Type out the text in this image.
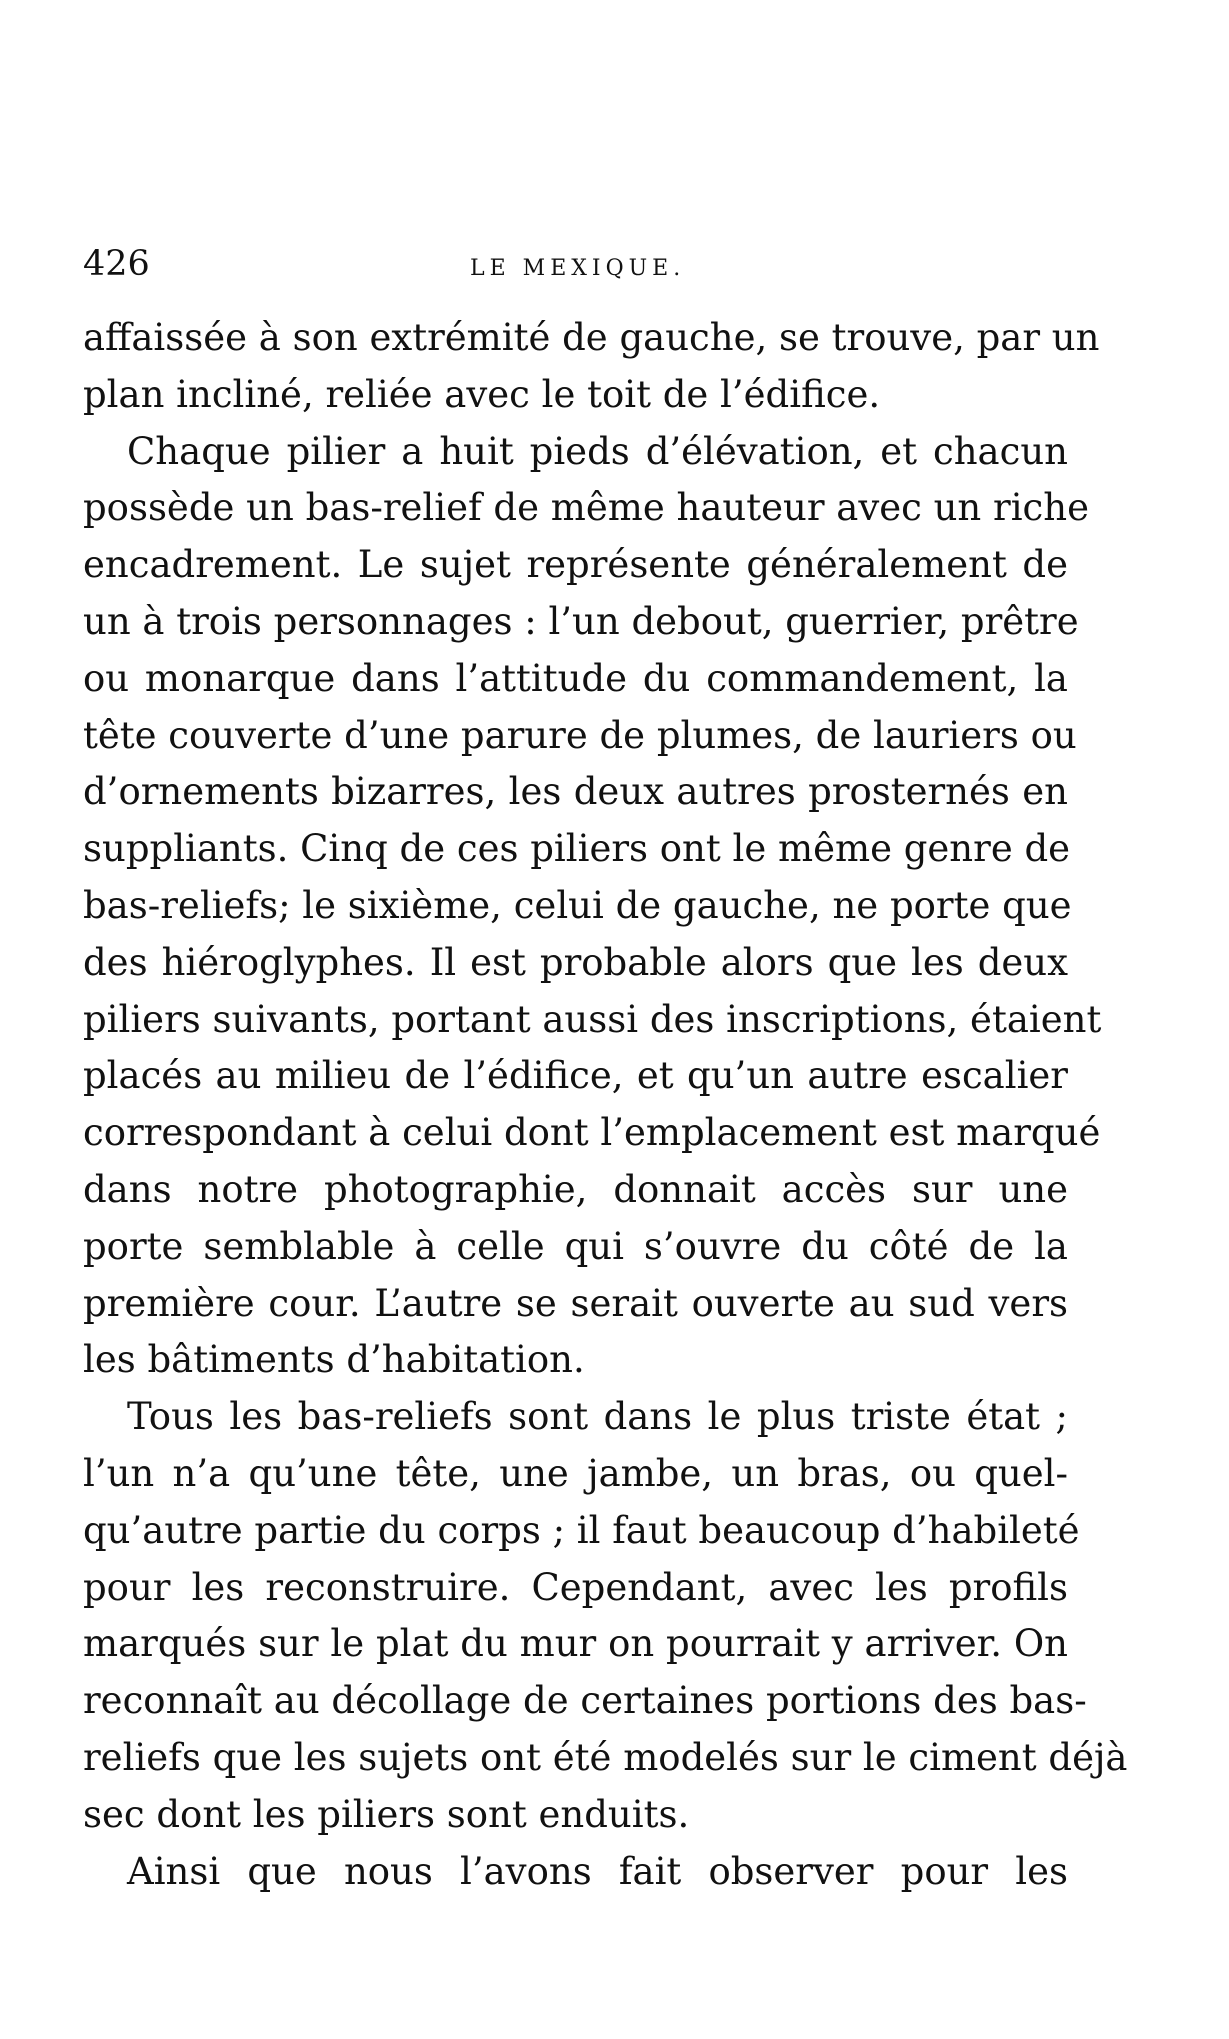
426	LE MEXIQUE.

affaissée à son extrémité de gauche, se trouve, par un
plan incliné, reliée avec le toit de l’édifice.

Chaque pilier a huit pieds d’élévation, et chacun
possède un bas-relief de même hauteur avec un riche
encadrement. Le sujet représente généralement de
un à trois personnages : l’un debout, guerrier, prêtre
ou monarque dans l’attitude du commandement, la
tête couverte d’une parure de plumes, de lauriers ou
d’ornements bizarres, les deux autres prosternés en
suppliants. Cinq de ces piliers ont le même genre de
bas-reliefs; le sixième, celui de gauche, ne porte que
des hiéroglyphes. Il est probable alors que les deux
piliers suivants, portant aussi des inscriptions, étaient
placés au milieu de l’édifice, et qu’un autre escalier
correspondant à celui dont l’emplacement est marqué
dans notre photographie, donnait accès sur une
porte semblable à celle qui s’ouvre du côté de la
première cour. L’autre se serait ouverte au sud vers
les bâtiments d’habitation.

Tous les bas-reliefs sont dans le plus triste état ;
l’un n’a qu’une tête, une jambe, un bras, ou quel-
qu’autre partie du corps ; il faut beaucoup d’habileté
pour les reconstruire. Cependant, avec les profils
marqués sur le plat du mur on pourrait y arriver. On
reconnaît au décollage de certaines portions des bas-
reliefs que les sujets ont été modelés sur le ciment déjà
sec dont les piliers sont enduits.

Ainsi que nous l’avons fait observer pour les
